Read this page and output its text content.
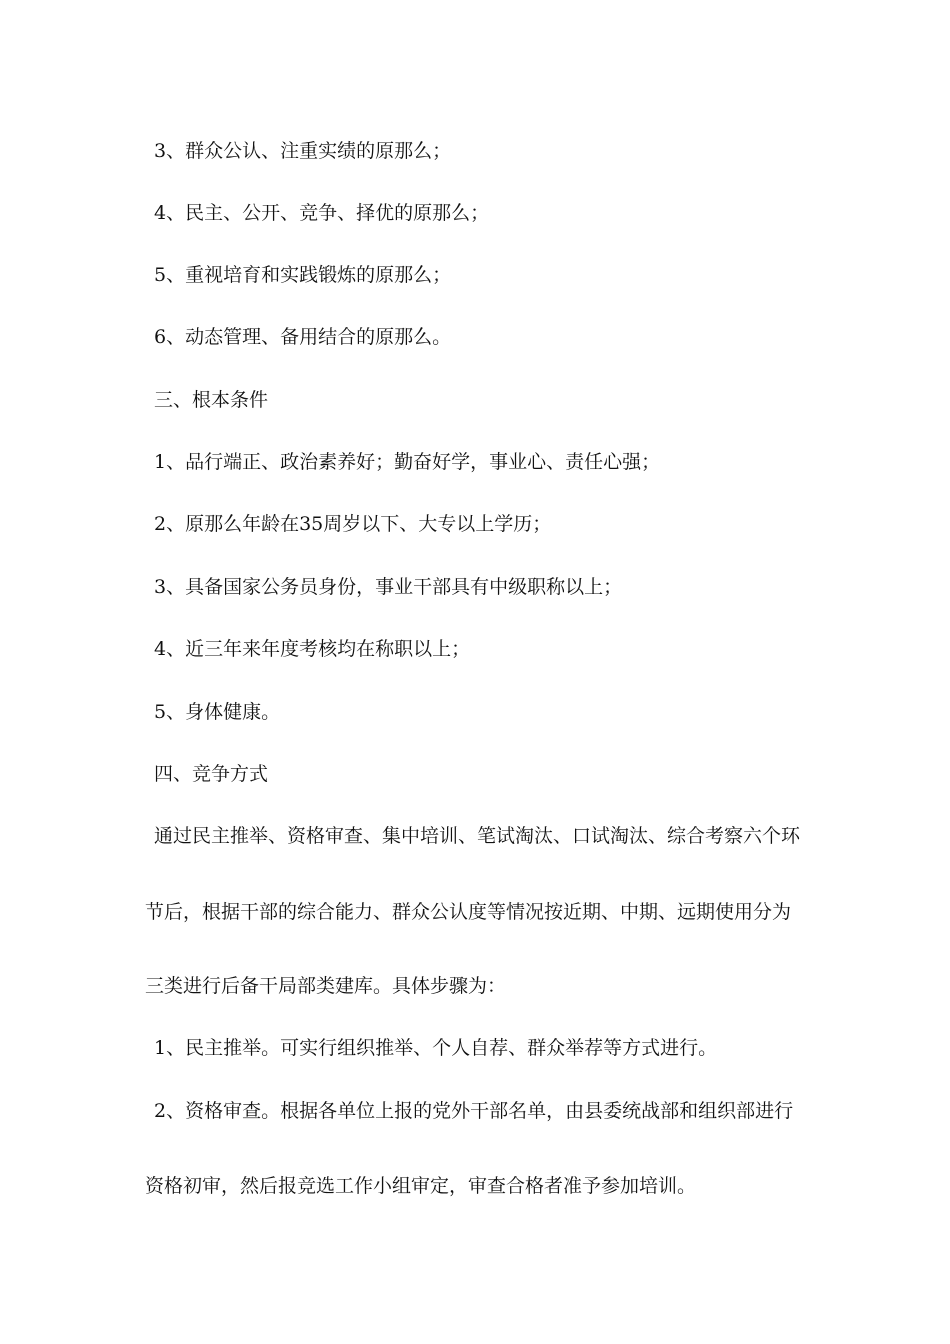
3、群众公认、注重实绩的原那么；
4、民主、公开、竞争、择优的原那么；
5、重视培育和实践锻炼的原那么；
6、动态管理、备用结合的原那么。
三、根本条件
1、品行端正、政治素养好；勤奋好学，事业心、责任心强；
2、原那么年龄在35周岁以下、大专以上学历；
3、具备国家公务员身份，事业干部具有中级职称以上；
4、近三年来年度考核均在称职以上；
5、身体健康。
四、竞争方式
通过民主推举、资格审查、集中培训、笔试淘汰、口试淘汰、综合考察六个环
节后，根据干部的综合能力、群众公认度等情况按近期、中期、远期使用分为
三类进行后备干局部类建库。具体步骤为：
1、民主推举。可实行组织推举、个人自荐、群众举荐等方式进行。
2、资格审查。根据各单位上报的党外干部名单，由县委统战部和组织部进行
资格初审，然后报竞选工作小组审定，审查合格者准予参加培训。
